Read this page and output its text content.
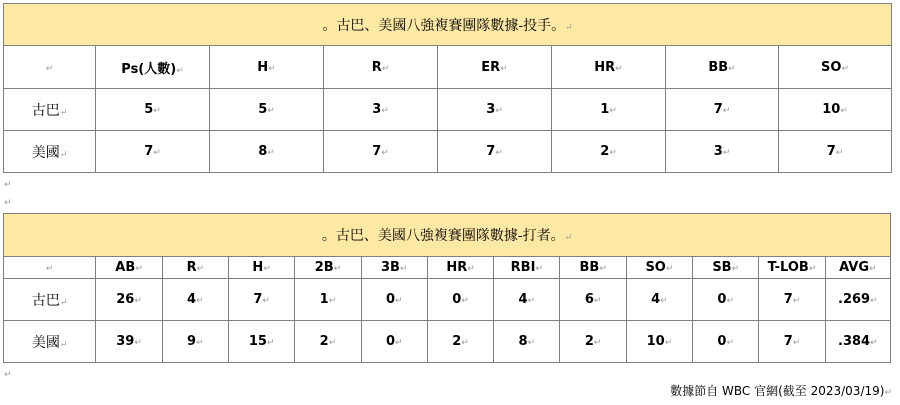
。古巴、美國八強複賽團隊數據-投手。↵							
↵	Ps(人數)↵	H↵	R↵	ER↵	HR↵	BB↵	SO↵
古巴↵	5↵	5↵	3↵	3↵	1↵	7↵	10↵
美國↵	7↵	8↵	7↵	7↵	2↵	3↵	7↵
↵
↵
。古巴、美國八強複賽團隊數據-打者。↵												
↵	AB↵	R↵	H↵	2B↵	3B↵	HR↵	RBI↵	BB↵	SO↵	SB↵	T-LOB↵	AVG↵
古巴↵	26↵	4↵	7↵	1↵	0↵	0↵	4↵	6↵	4↵	0↵	7↵	.269↵
美國↵	39↵	9↵	15↵	2↵	0↵	2↵	8↵	2↵	10↵	0↵	7↵	.384↵
↵
數據節自 WBC 官網(截至 2023/03/19)↵
